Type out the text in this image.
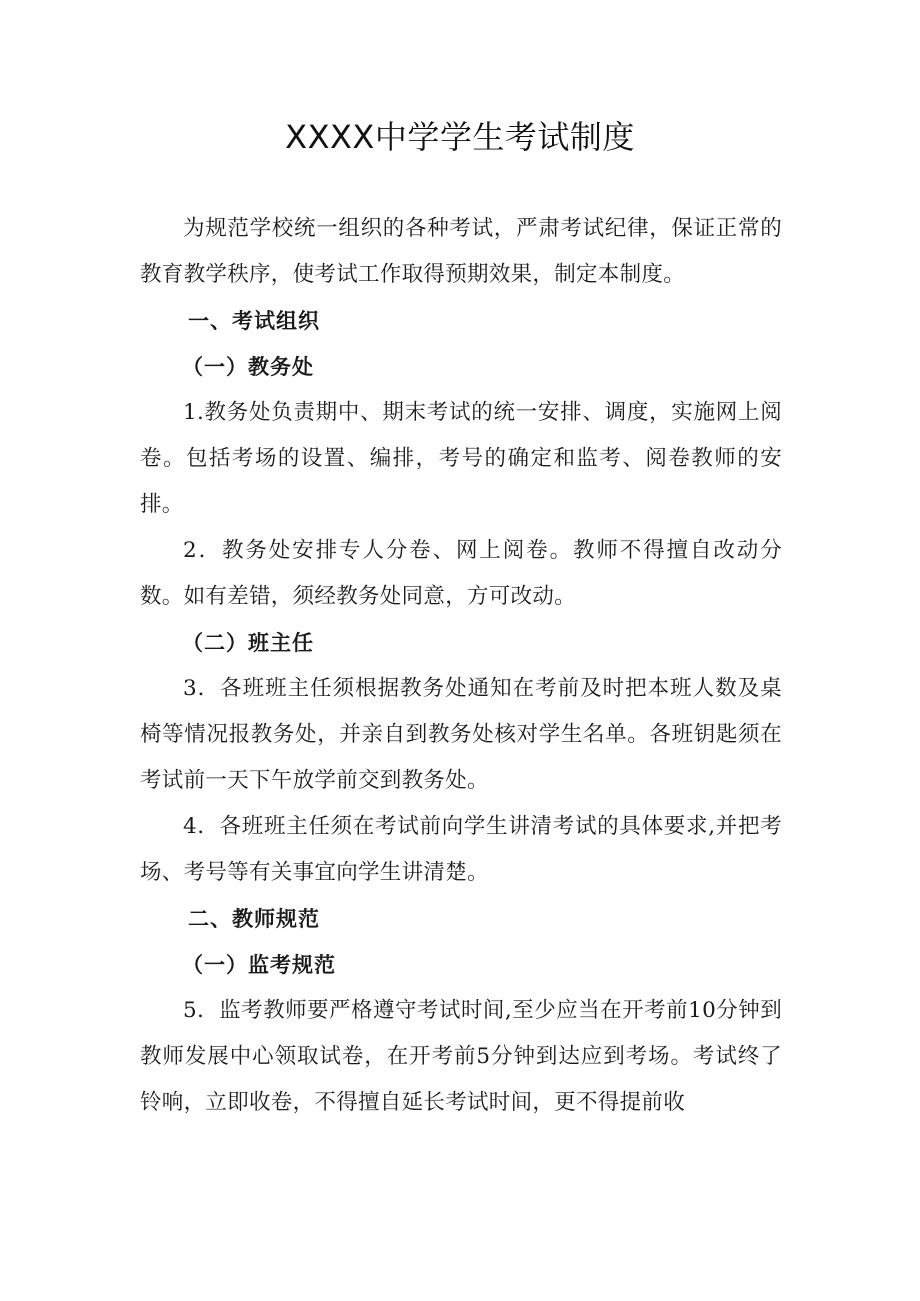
XXXX中学学生考试制度

为规范学校统一组织的各种考试，严肃考试纪律，保证正常的教育教学秩序，使考试工作取得预期效果，制定本制度。

一、考试组织
（一）教务处

1.教务处负责期中、期末考试的统一安排、调度，实施网上阅卷。包括考场的设置、编排，考号的确定和监考、阅卷教师的安排。

2．教务处安排专人分卷、网上阅卷。教师不得擅自改动分数。如有差错，须经教务处同意，方可改动。

（二）班主任

3．各班班主任须根据教务处通知在考前及时把本班人数及桌椅等情况报教务处，并亲自到教务处核对学生名单。各班钥匙须在考试前一天下午放学前交到教务处。

4．各班班主任须在考试前向学生讲清考试的具体要求,并把考场、考号等有关事宜向学生讲清楚。

二、教师规范
（一）监考规范

5．监考教师要严格遵守考试时间,至少应当在开考前10分钟到教师发展中心领取试卷，在开考前5分钟到达应到考场。考试终了铃响，立即收卷，不得擅自延长考试时间，更不得提前收
